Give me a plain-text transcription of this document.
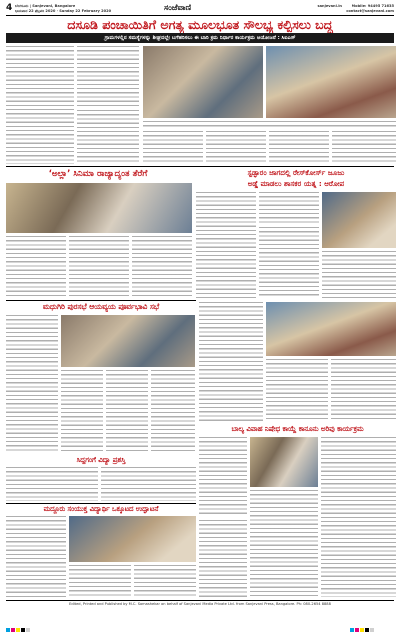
4 ಬೆಂಗಳೂರು | Sanjevani, Bangalore
ಭಾನುವಾರ 22 ಫೆಬ್ರವರಿ 2020 · Sunday 22 February 2020	ಸಂಜೆವಾಣಿ	sanjevani.in	Mobile: 94495 71635
contact@sanjevani.com
ದಸೂಡಿ ಪಂಚಾಯಿತಿಗೆ ಅಗತ್ಯ ಮೂಲಭೂತ ಸೌಲಭ್ಯ ಕಲ್ಪಿಸಲು ಬದ್ಧ
ಗ್ರಾಮಗಳಲ್ಲಿನ ಸಮಸ್ಯೆಗಳನ್ನು ಶೀಘ್ರದಲ್ಲೇ ಬಗೆಹರಿಸಲು ಈ ಬಾರಿ ಕ್ರಮ ನಿರ್ಧಾರ ಕಾರ್ಯಕ್ರಮ ಆಯೋಜನೆ : ಸಿಐಎಸ್
‘ಅಲ್ಲಾ’ ಸಿನಿಮಾ ರಾಜ್ಯಾದ್ಯಂತ ತೆರೆಗೆ	ಸ್ಟಡ್ಫಾರಂ ಜಾಗದಲ್ಲಿ ರೇಸ್‌ಕೋರ್ಸ್ ಜೂಜು
ಅಡ್ಡೆ ಮಾಡಲು ಶಾಸಕರ ಯತ್ನ : ಆರೋಪ
ಮಧುಗಿರಿ ಪುರಸಭೆ ಆಯವ್ಯಯ ಪೂರ್ವಭಾವಿ ಸಭೆ
ಬಾಲ್ಯ ವಿವಾಹ ನಿಷೇಧ ಕಾಯ್ದೆ ಕಾನೂನು ಅರಿವು ಕಾರ್ಯಕ್ರಮ
ಸಿದ್ದಗಂಗೆ ವಿದ್ಯಾ ಪ್ರಶಸ್ತಿ
ಮದ್ದೂರು ಸಂಯುಕ್ತ ವಿದ್ಯಾರ್ಥಿ ಒಕ್ಕೂಟದ ಉದ್ಘಾಟನೆ
Edited, Printed and Published by M.C. Somashekar on behalf of Sanjevani Media Private Ltd. from Sanjevani Press, Bangalore. Ph: 080-2654 8888
